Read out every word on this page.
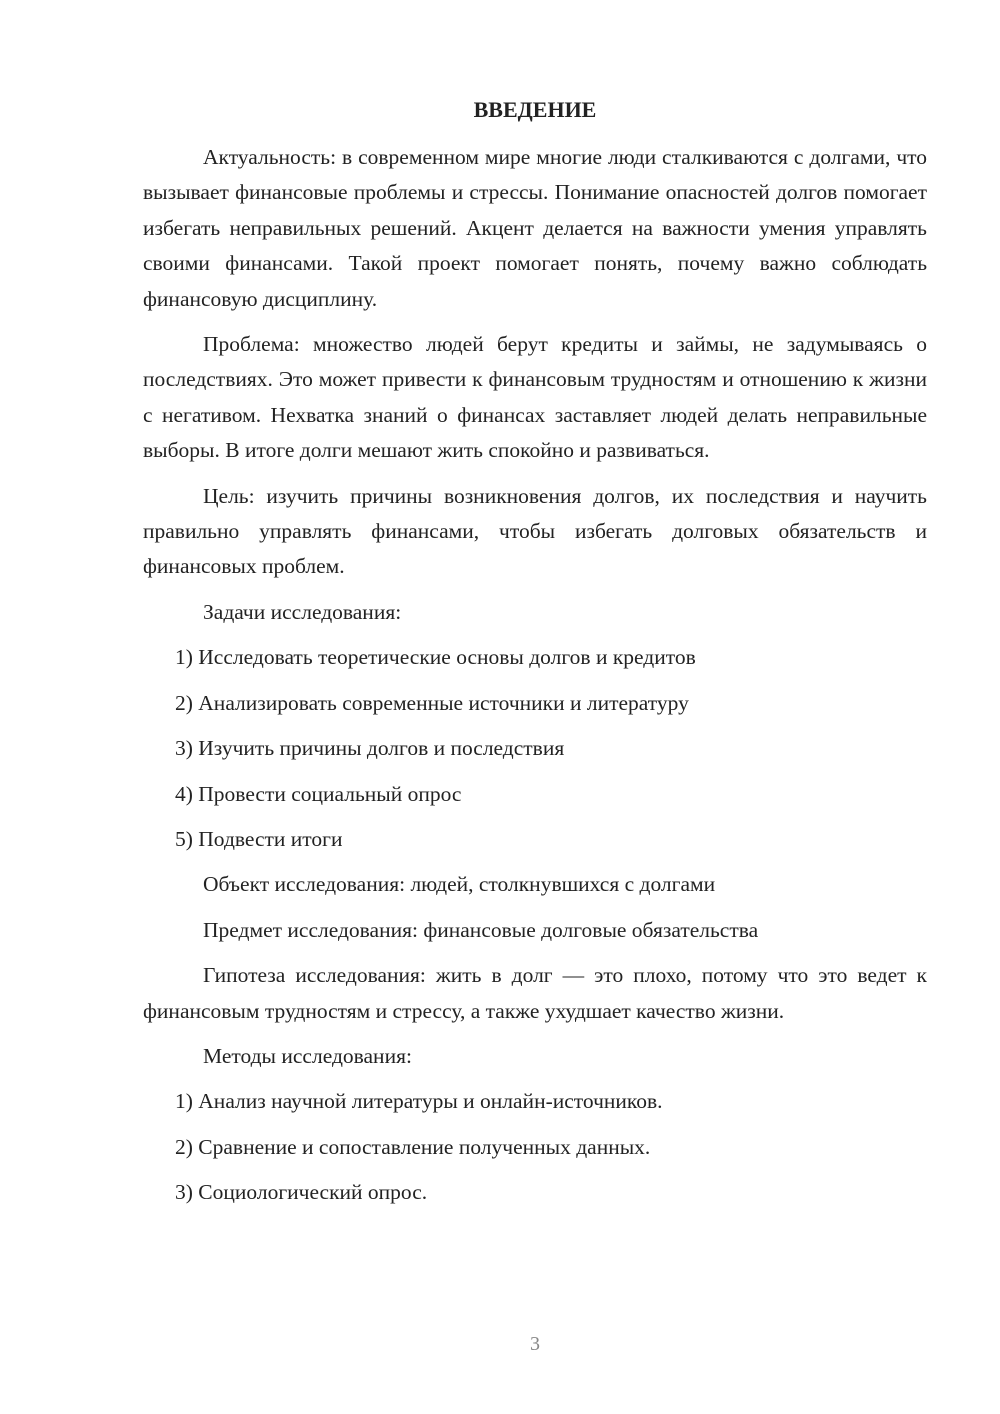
ВВЕДЕНИЕ

Актуальность: в современном мире многие люди сталкиваются с долгами, что вызывает финансовые проблемы и стрессы. Понимание опасностей долгов помогает избегать неправильных решений. Акцент делается на важности умения управлять своими финансами. Такой проект помогает понять, почему важно соблюдать финансовую дисциплину.

Проблема: множество людей берут кредиты и займы, не задумываясь о последствиях. Это может привести к финансовым трудностям и отношению к жизни с негативом. Нехватка знаний о финансах заставляет людей делать неправильные выборы. В итоге долги мешают жить спокойно и развиваться.

Цель: изучить причины возникновения долгов, их последствия и научить правильно управлять финансами, чтобы избегать долговых обязательств и финансовых проблем.

Задачи исследования:
1) Исследовать теоретические основы долгов и кредитов
2) Анализировать современные источники и литературу
3) Изучить причины долгов и последствия
4) Провести социальный опрос
5) Подвести итоги
Объект исследования: людей, столкнувшихся с долгами
Предмет исследования: финансовые долговые обязательства

Гипотеза исследования: жить в долг — это плохо, потому что это ведет к финансовым трудностям и стрессу, а также ухудшает качество жизни.

Методы исследования:
1) Анализ научной литературы и онлайн-источников.
2) Сравнение и сопоставление полученных данных.
3) Социологический опрос.
3
